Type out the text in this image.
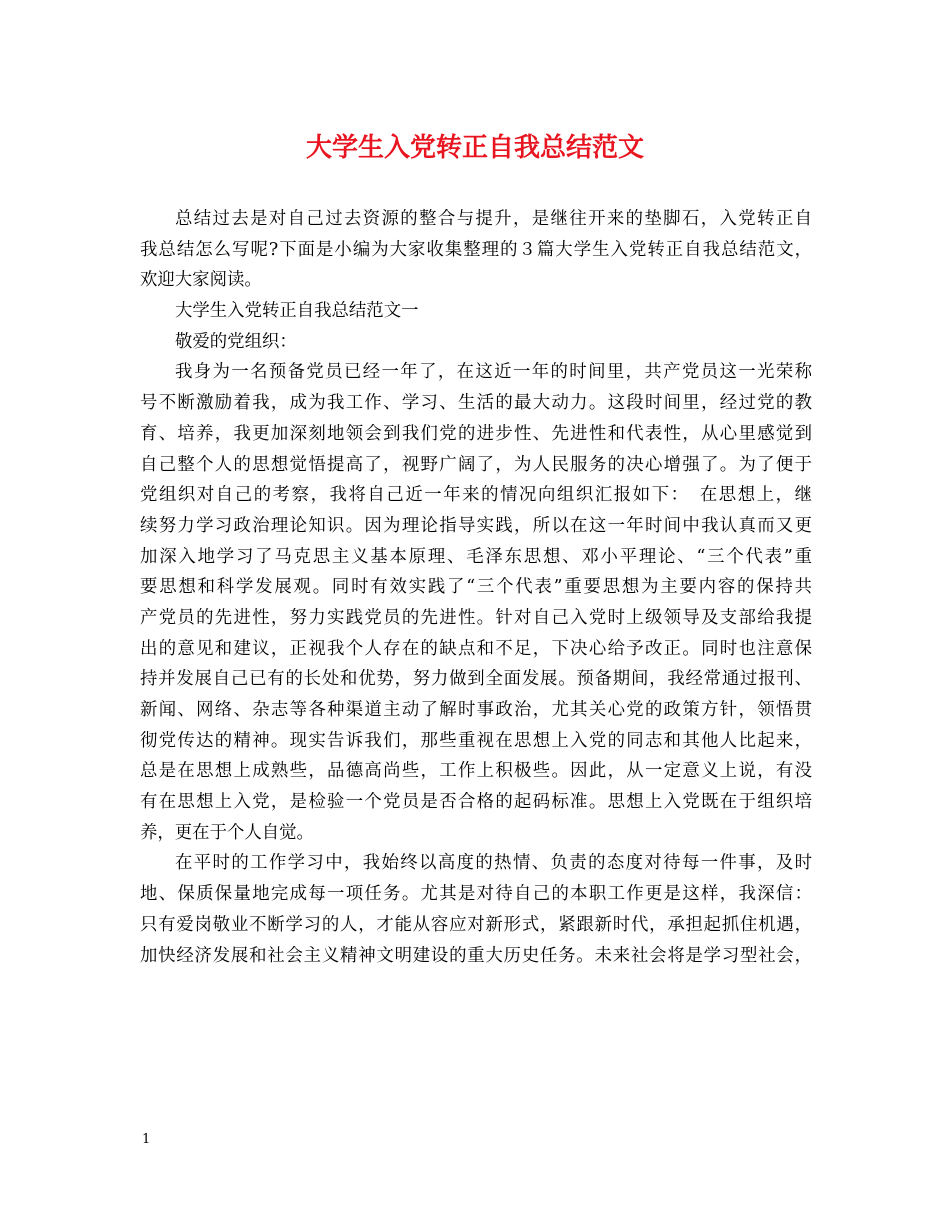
大学生入党转正自我总结范文
总结过去是对自己过去资源的整合与提升，是继往开来的垫脚石，入党转正自
我总结怎么写呢?下面是小编为大家收集整理的３篇大学生入党转正自我总结范文，
欢迎大家阅读。
大学生入党转正自我总结范文一
敬爱的党组织：
我身为一名预备党员已经一年了，在这近一年的时间里，共产党员这一光荣称
号不断激励着我，成为我工作、学习、生活的最大动力。这段时间里，经过党的教
育、培养，我更加深刻地领会到我们党的进步性、先进性和代表性，从心里感觉到
自己整个人的思想觉悟提高了，视野广阔了，为人民服务的决心增强了。为了便于
党组织对自己的考察，我将自己近一年来的情况向组织汇报如下：　在思想上，继
续努力学习政治理论知识。因为理论指导实践，所以在这一年时间中我认真而又更
加深入地学习了马克思主义基本原理、毛泽东思想、邓小平理论、“三个代表”重
要思想和科学发展观。同时有效实践了“三个代表”重要思想为主要内容的保持共
产党员的先进性，努力实践党员的先进性。针对自己入党时上级领导及支部给我提
出的意见和建议，正视我个人存在的缺点和不足，下决心给予改正。同时也注意保
持并发展自己已有的长处和优势，努力做到全面发展。预备期间，我经常通过报刊、
新闻、网络、杂志等各种渠道主动了解时事政治，尤其关心党的政策方针，领悟贯
彻党传达的精神。现实告诉我们，那些重视在思想上入党的同志和其他人比起来，
总是在思想上成熟些，品德高尚些，工作上积极些。因此，从一定意义上说，有没
有在思想上入党，是检验一个党员是否合格的起码标准。思想上入党既在于组织培
养，更在于个人自觉。
在平时的工作学习中，我始终以高度的热情、负责的态度对待每一件事，及时
地、保质保量地完成每一项任务。尤其是对待自己的本职工作更是这样，我深信：
只有爱岗敬业不断学习的人，才能从容应对新形式，紧跟新时代，承担起抓住机遇，
加快经济发展和社会主义精神文明建设的重大历史任务。未来社会将是学习型社会，
1
